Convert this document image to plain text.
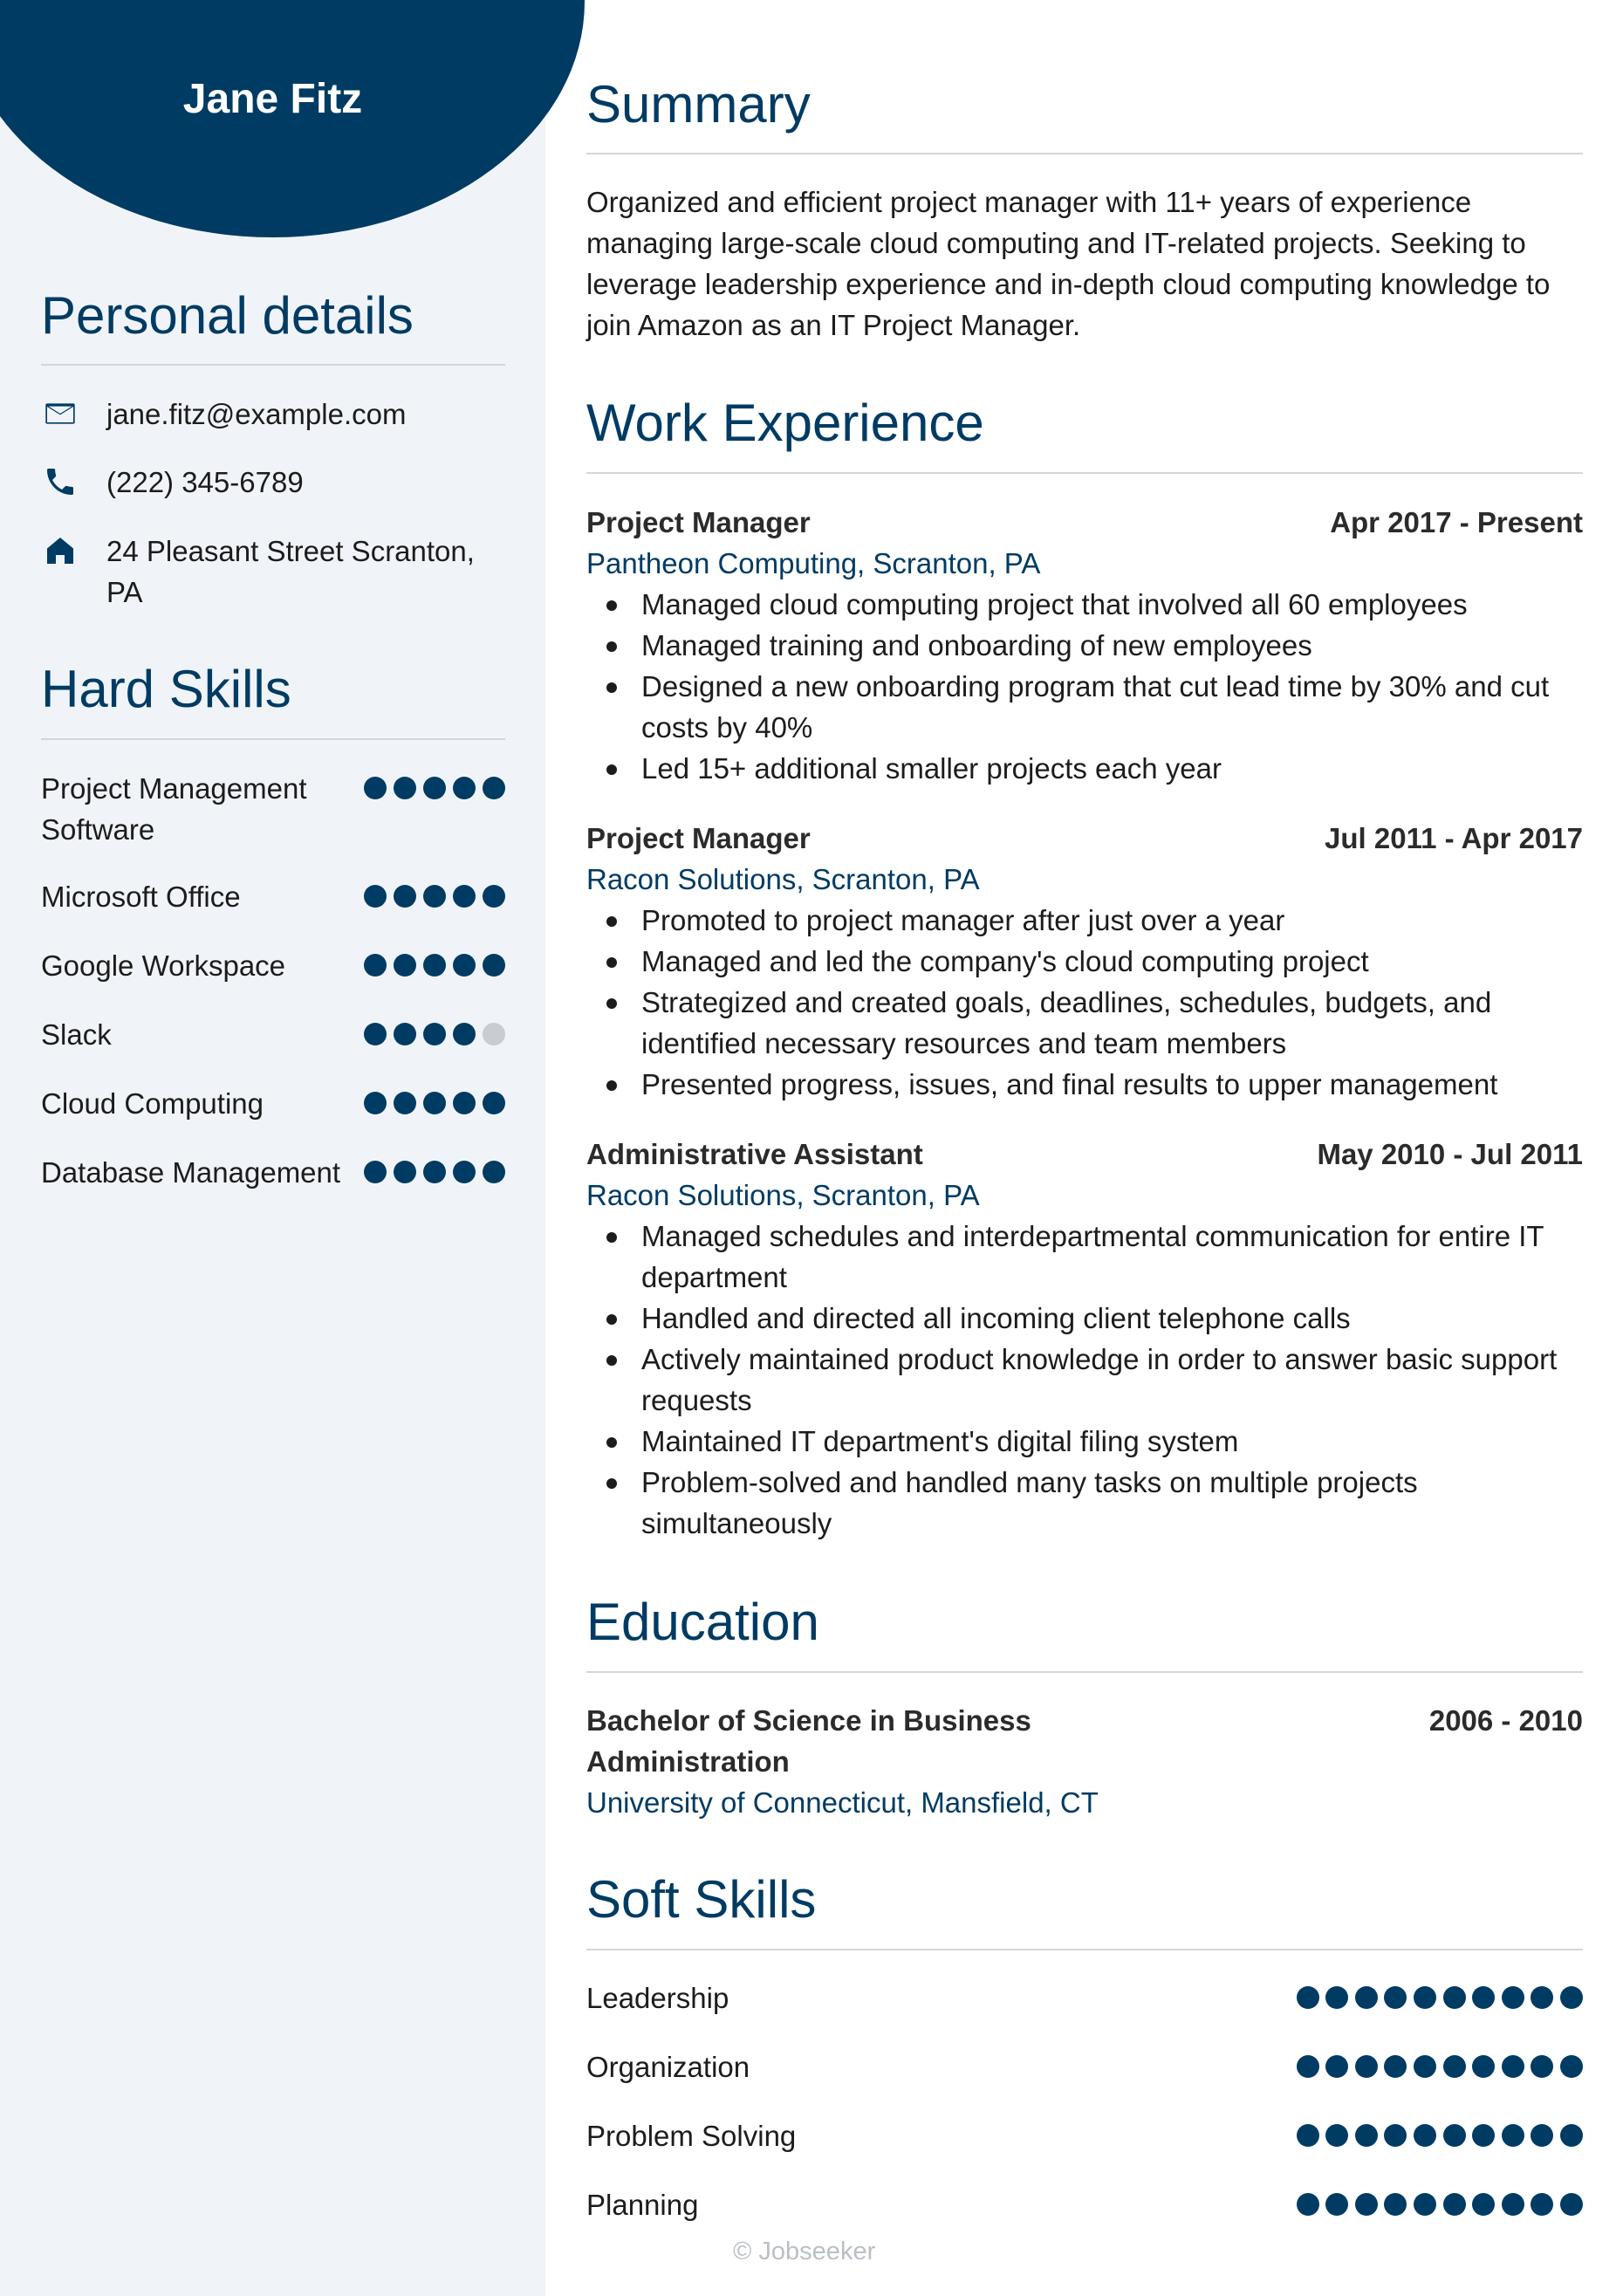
Jane Fitz
Personal details
jane.fitz@example.com
(222) 345-6789
24 Pleasant Street Scranton, PA
Hard Skills
Project Management Software
Microsoft Office
Google Workspace
Slack
Cloud Computing
Database Management
Summary
Organized and efficient project manager with 11+ years of experience managing large-scale cloud computing and IT-related projects. Seeking to leverage leadership experience and in-depth cloud computing knowledge to join Amazon as an IT Project Manager.
Work Experience
Project Manager	Apr 2017 - Present
Pantheon Computing, Scranton, PA
Managed cloud computing project that involved all 60 employees
Managed training and onboarding of new employees
Designed a new onboarding program that cut lead time by 30% and cut costs by 40%
Led 15+ additional smaller projects each year
Project Manager	Jul 2011 - Apr 2017
Racon Solutions, Scranton, PA
Promoted to project manager after just over a year
Managed and led the company's cloud computing project
Strategized and created goals, deadlines, schedules, budgets, and identified necessary resources and team members
Presented progress, issues, and final results to upper management
Administrative Assistant	May 2010 - Jul 2011
Racon Solutions, Scranton, PA
Managed schedules and interdepartmental communication for entire IT department
Handled and directed all incoming client telephone calls
Actively maintained product knowledge in order to answer basic support requests
Maintained IT department's digital filing system
Problem-solved and handled many tasks on multiple projects simultaneously
Education
Bachelor of Science in Business Administration
2006 - 2010
University of Connecticut, Mansfield, CT
Soft Skills
Leadership
Organization
Problem Solving
Planning
© Jobseeker
